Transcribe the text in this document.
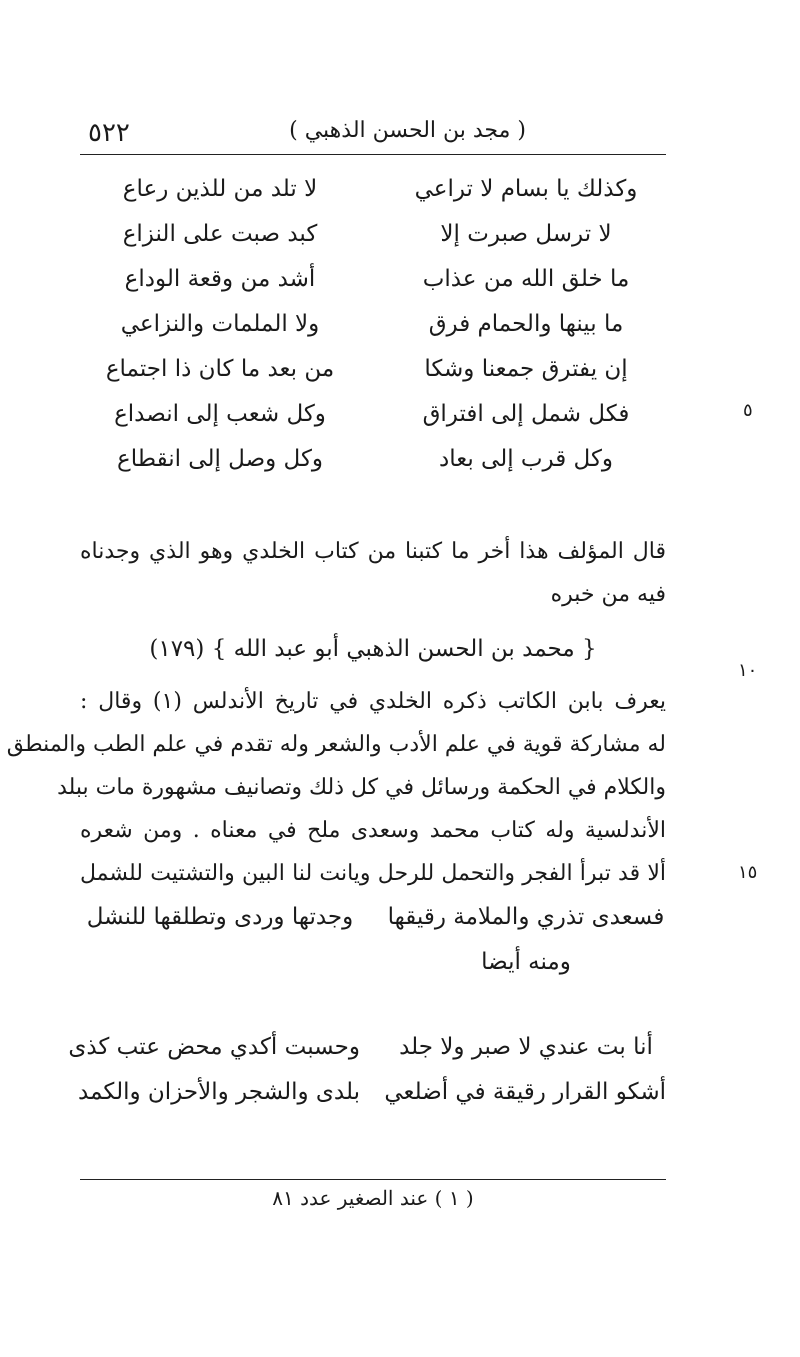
٥٢٢	( مجد بن الحسن الذهبي )
وكذلك يا بسام لا تراعي
لا تلد من للذين رعاع
لا ترسل صبرت إلا
كبد صبت على النزاع
ما خلق الله من عذاب
أشد من وقعة الوداع
ما بينها والحمام فرق
ولا الملمات والنزاعي
إن يفترق جمعنا وشكا
من بعد ما كان ذا اجتماع
فكل شمل إلى افتراق
وكل شعب إلى انصداع
وكل قرب إلى بعاد
وكل وصل إلى انقطاع

قال المؤلف هذا أخر ما كتبنا من كتاب الخلدي وهو الذي وجدناه

فيه من خبره

{ محمد بن الحسن الذهبي أبو عبد الله } (١٧٩)

يعرف بابن الكاتب ذكره الخلدي في تاريخ الأندلس (١) وقال :

له مشاركة قوية في علم الأدب والشعر وله تقدم في علم الطب والمنطق

والكلام في الحكمة ورسائل في كل ذلك وتصانيف مشهورة مات ببلد

الأندلسية وله كتاب محمد وسعدى ملح في معناه . ومن شعره

ألا قد تبرأ الفجر والتحمل للرحل ويانت لنا البين والتشتيت للشمل

فسعدى تذري والملامة رقيقها
وجدتها وردى وتطلقها للنشل
ومنه أيضا
أنا بت عندي لا صبر ولا جلد
وحسبت أكدي محض عتب كذى
أشكو القرار رقيقة في أضلعي
بلدى والشجر والأحزان والكمد
٥
١٠
١٥
( ١ ) عند الصغير عدد ٨١
